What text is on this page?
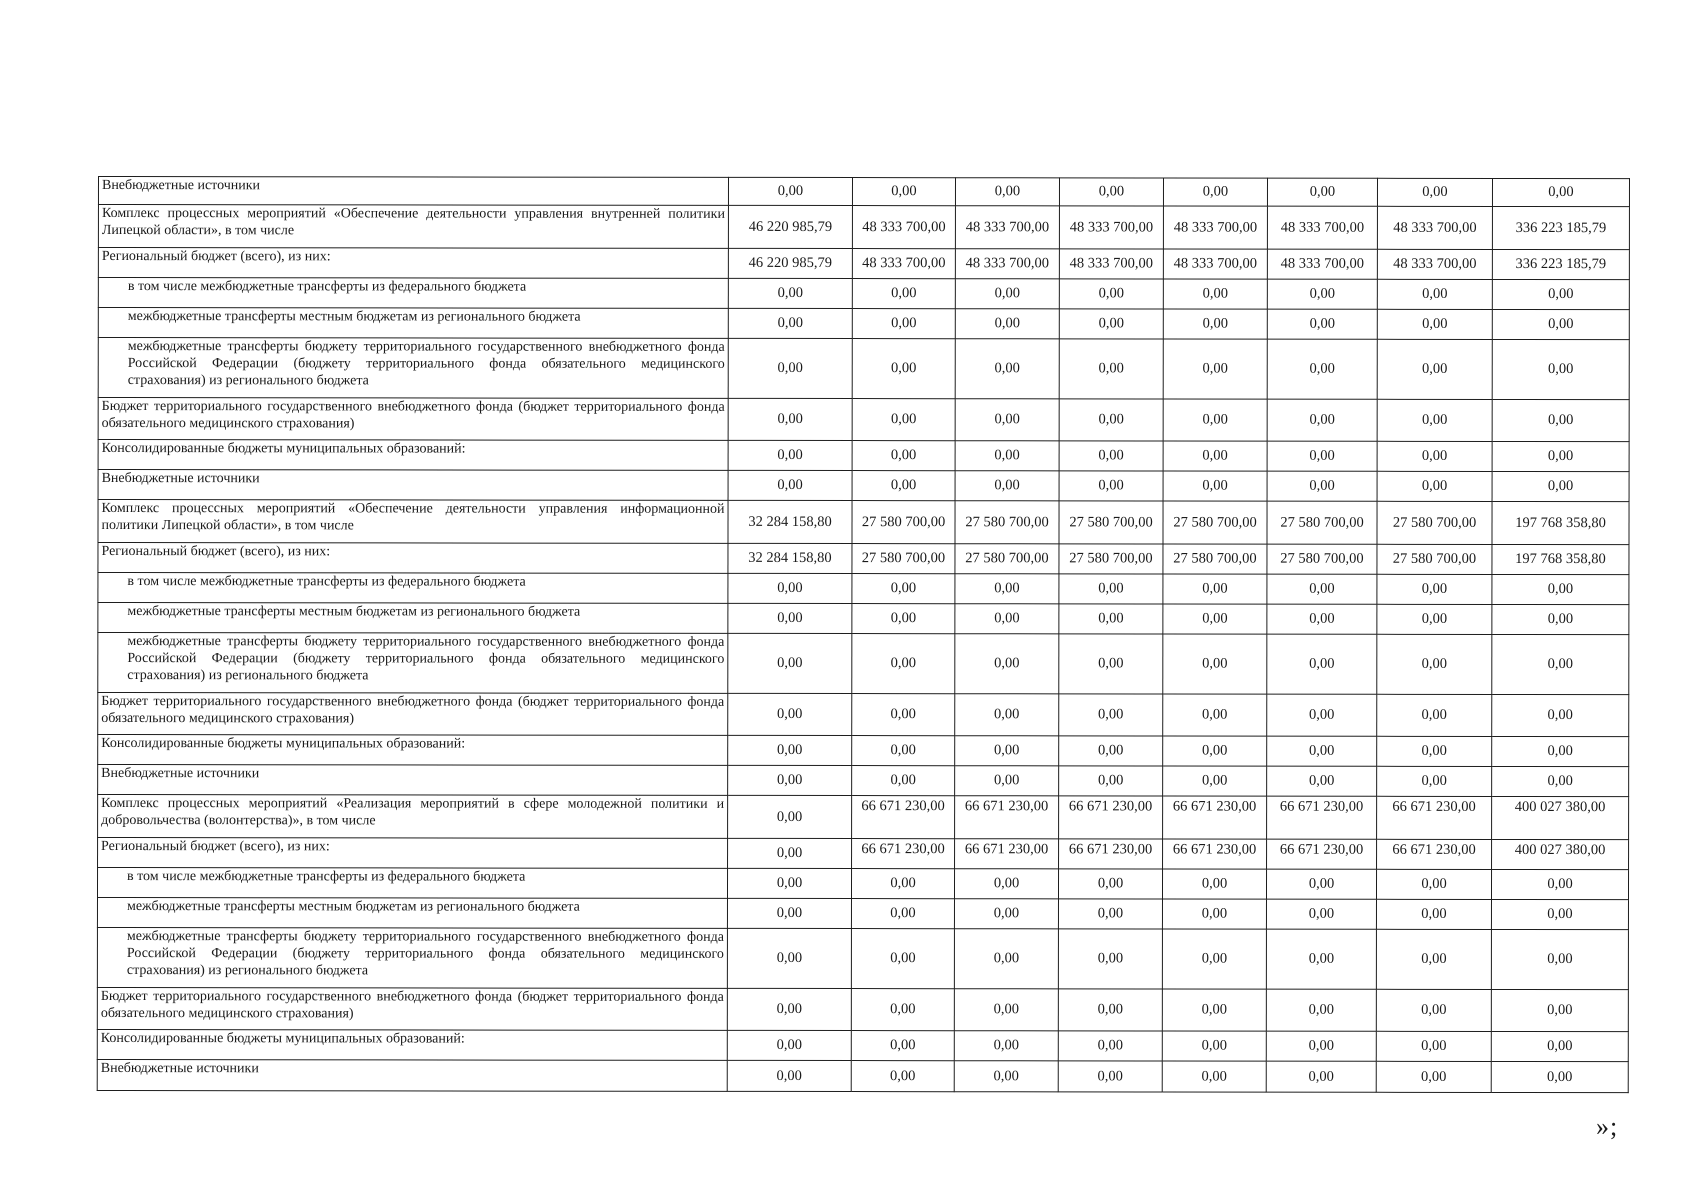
Внебюджетные источники	0,00	0,00	0,00	0,00	0,00	0,00	0,00	0,00
Комплекс процессных мероприятий «Обеспечение деятельности управления внутренней политики Липецкой области», в том числе	46 220 985,79	48 333 700,00	48 333 700,00	48 333 700,00	48 333 700,00	48 333 700,00	48 333 700,00	336 223 185,79
Региональный бюджет (всего), из них:	46 220 985,79	48 333 700,00	48 333 700,00	48 333 700,00	48 333 700,00	48 333 700,00	48 333 700,00	336 223 185,79
в том числе межбюджетные трансферты из федерального бюджета	0,00	0,00	0,00	0,00	0,00	0,00	0,00	0,00
межбюджетные трансферты местным бюджетам из регионального бюджета	0,00	0,00	0,00	0,00	0,00	0,00	0,00	0,00
межбюджетные трансферты бюджету территориального государственного внебюджетного фонда Российской Федерации (бюджету территориального фонда обязательного медицинского страхования) из регионального бюджета	0,00	0,00	0,00	0,00	0,00	0,00	0,00	0,00
Бюджет территориального государственного внебюджетного фонда (бюджет территориального фонда обязательного медицинского страхования)	0,00	0,00	0,00	0,00	0,00	0,00	0,00	0,00
Консолидированные бюджеты муниципальных образований:	0,00	0,00	0,00	0,00	0,00	0,00	0,00	0,00
Внебюджетные источники	0,00	0,00	0,00	0,00	0,00	0,00	0,00	0,00
Комплекс процессных мероприятий «Обеспечение деятельности управления информационной политики Липецкой области», в том числе	32 284 158,80	27 580 700,00	27 580 700,00	27 580 700,00	27 580 700,00	27 580 700,00	27 580 700,00	197 768 358,80
Региональный бюджет (всего), из них:	32 284 158,80	27 580 700,00	27 580 700,00	27 580 700,00	27 580 700,00	27 580 700,00	27 580 700,00	197 768 358,80
в том числе межбюджетные трансферты из федерального бюджета	0,00	0,00	0,00	0,00	0,00	0,00	0,00	0,00
межбюджетные трансферты местным бюджетам из регионального бюджета	0,00	0,00	0,00	0,00	0,00	0,00	0,00	0,00
межбюджетные трансферты бюджету территориального государственного внебюджетного фонда Российской Федерации (бюджету территориального фонда обязательного медицинского страхования) из регионального бюджета	0,00	0,00	0,00	0,00	0,00	0,00	0,00	0,00
Бюджет территориального государственного внебюджетного фонда (бюджет территориального фонда обязательного медицинского страхования)	0,00	0,00	0,00	0,00	0,00	0,00	0,00	0,00
Консолидированные бюджеты муниципальных образований:	0,00	0,00	0,00	0,00	0,00	0,00	0,00	0,00
Внебюджетные источники	0,00	0,00	0,00	0,00	0,00	0,00	0,00	0,00
Комплекс процессных мероприятий «Реализация мероприятий в сфере молодежной политики и добровольчества (волонтерства)», в том числе	0,00	66 671 230,00	66 671 230,00	66 671 230,00	66 671 230,00	66 671 230,00	66 671 230,00	400 027 380,00
Региональный бюджет (всего), из них:	0,00	66 671 230,00	66 671 230,00	66 671 230,00	66 671 230,00	66 671 230,00	66 671 230,00	400 027 380,00
в том числе межбюджетные трансферты из федерального бюджета	0,00	0,00	0,00	0,00	0,00	0,00	0,00	0,00
межбюджетные трансферты местным бюджетам из регионального бюджета	0,00	0,00	0,00	0,00	0,00	0,00	0,00	0,00
межбюджетные трансферты бюджету территориального государственного внебюджетного фонда Российской Федерации (бюджету территориального фонда обязательного медицинского страхования) из регионального бюджета	0,00	0,00	0,00	0,00	0,00	0,00	0,00	0,00
Бюджет территориального государственного внебюджетного фонда (бюджет территориального фонда обязательного медицинского страхования)	0,00	0,00	0,00	0,00	0,00	0,00	0,00	0,00
Консолидированные бюджеты муниципальных образований:	0,00	0,00	0,00	0,00	0,00	0,00	0,00	0,00
Внебюджетные источники	0,00	0,00	0,00	0,00	0,00	0,00	0,00	0,00
»;
